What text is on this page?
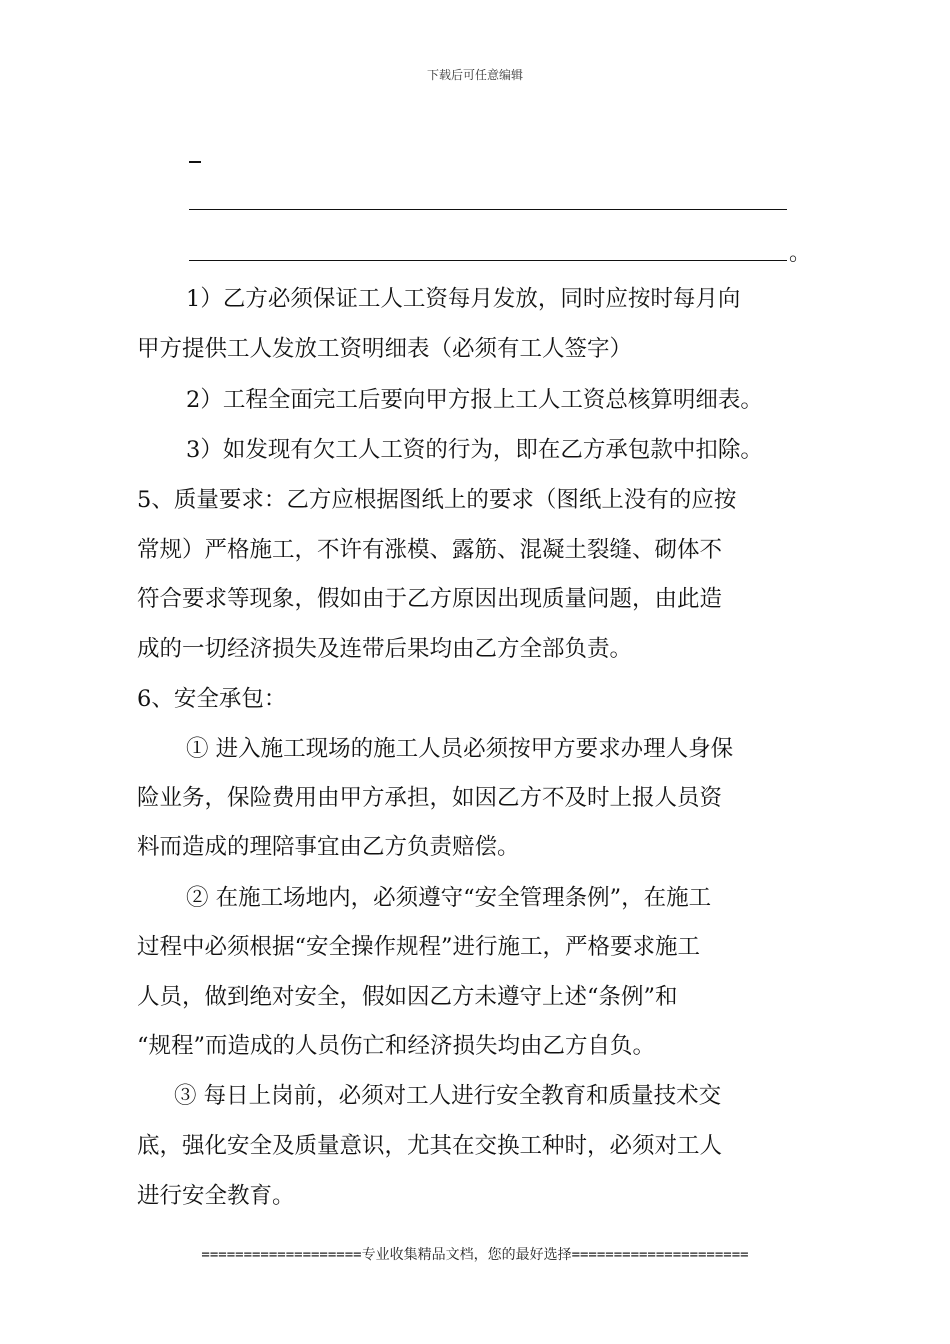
下载后可任意编辑
。
1）乙方必须保证工人工资每月发放，同时应按时每月向
甲方提供工人发放工资明细表（必须有工人签字）
2）工程全面完工后要向甲方报上工人工资总核算明细表。
3）如发现有欠工人工资的行为，即在乙方承包款中扣除。
5、质量要求：乙方应根据图纸上的要求（图纸上没有的应按
常规）严格施工，不许有涨模、露筋、混凝土裂缝、砌体不
符合要求等现象，假如由于乙方原因出现质量问题，由此造
成的一切经济损失及连带后果均由乙方全部负责。
6、安全承包：
① 进入施工现场的施工人员必须按甲方要求办理人身保
险业务，保险费用由甲方承担，如因乙方不及时上报人员资
料而造成的理陪事宜由乙方负责赔偿。
② 在施工场地内，必须遵守“安全管理条例”，在施工
过程中必须根据“安全操作规程”进行施工，严格要求施工
人员，做到绝对安全，假如因乙方未遵守上述“条例”和
“规程”而造成的人员伤亡和经济损失均由乙方自负。
③ 每日上岗前，必须对工人进行安全教育和质量技术交
底，强化安全及质量意识，尤其在交换工种时，必须对工人
进行安全教育。
===================专业收集精品文档，您的最好选择=====================
